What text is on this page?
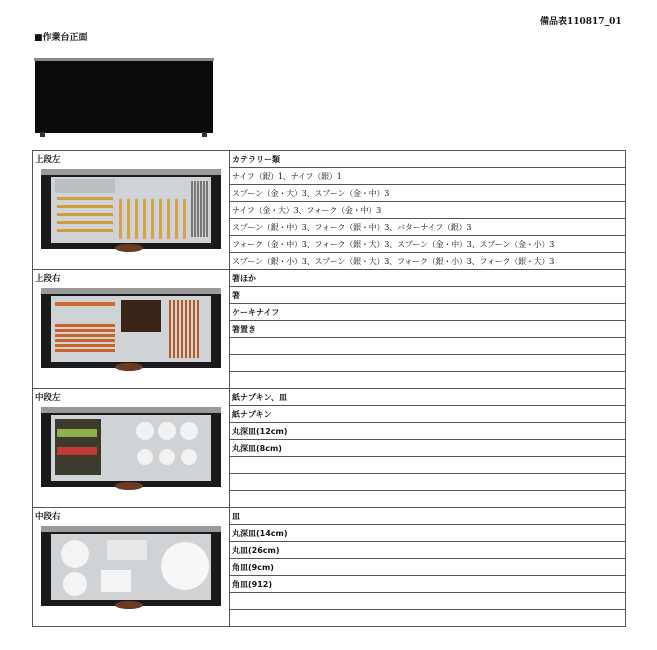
備品表110817_01
■作業台正面
上段左	カテラリー類
	ナイフ（銀）1、ナイフ（銀）1
	スプーン（金・大）3、スプーン（金・中）3
	ナイフ（金・大）3、フォーク（金・中）3
	スプーン（銀・中）3、フォーク（銀・中）3、バターナイフ（銀）3
	フォーク（金・中）3、フォーク（銀・大）3、スプーン（金・中）3、スプーン（金・小）3
	スプーン（銀・小）3、スプーン（銀・大）3、フォーク（銀・小）3、フォーク（銀・大）3

上段右	箸ほか
	箸
	ケーキナイフ
	箸置き

中段左	紙ナプキン、皿
	紙ナプキン
	丸深皿(12cm)
	丸深皿(8cm)

中段右	皿
	丸深皿(14cm)
	丸皿(26cm)
	角皿(9cm)
	角皿(912)
